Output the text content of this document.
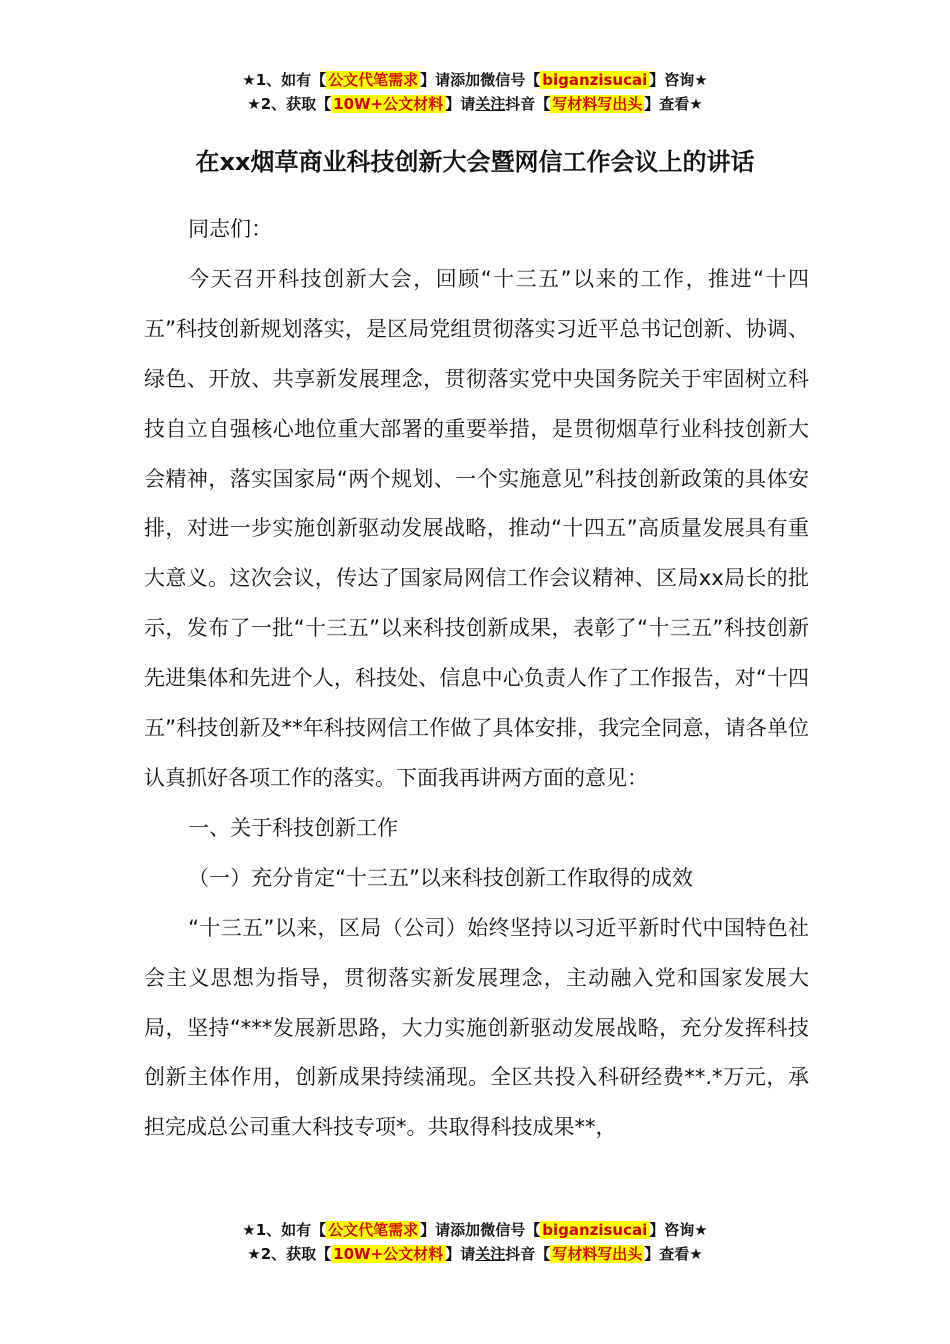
★1、如有【 公文代笔需求 】请添加微信号【 biganzisucai 】咨询★
★2、获取【 10W+公文材料 】请关注抖音【 写材料写出头 】查看★
在xx烟草商业科技创新大会暨网信工作会议上的讲话

同志们：

今天召开科技创新大会，回顾“十三五”以来的工作，推进“十四五”科技创新规划落实，是区局党组贯彻落实习近平总书记创新、协调、绿色、开放、共享新发展理念，贯彻落实党中央国务院关于牢固树立科技自立自强核心地位重大部署的重要举措，是贯彻烟草行业科技创新大会精神，落实国家局“两个规划、一个实施意见”科技创新政策的具体安排，对进一步实施创新驱动发展战略，推动“十四五”高质量发展具有重大意义。这次会议，传达了国家局网信工作会议精神、区局xx局长的批示，发布了一批“十三五”以来科技创新成果，表彰了“十三五”科技创新先进集体和先进个人，科技处、信息中心负责人作了工作报告，对“十四五”科技创新及**年科技网信工作做了具体安排，我完全同意，请各单位认真抓好各项工作的落实。下面我再讲两方面的意见：

一、关于科技创新工作

（一）充分肯定“十三五”以来科技创新工作取得的成效

“十三五”以来，区局（公司）始终坚持以习近平新时代中国特色社会主义思想为指导，贯彻落实新发展理念，主动融入党和国家发展大局，坚持“***发展新思路，大力实施创新驱动发展战略，充分发挥科技创新主体作用，创新成果持续涌现。全区共投入科研经费**.*万元，承担完成总公司重大科技专项*。共取得科技成果**，

★1、如有【 公文代笔需求 】请添加微信号【 biganzisucai 】咨询★
★2、获取【 10W+公文材料 】请关注抖音【 写材料写出头 】查看★
